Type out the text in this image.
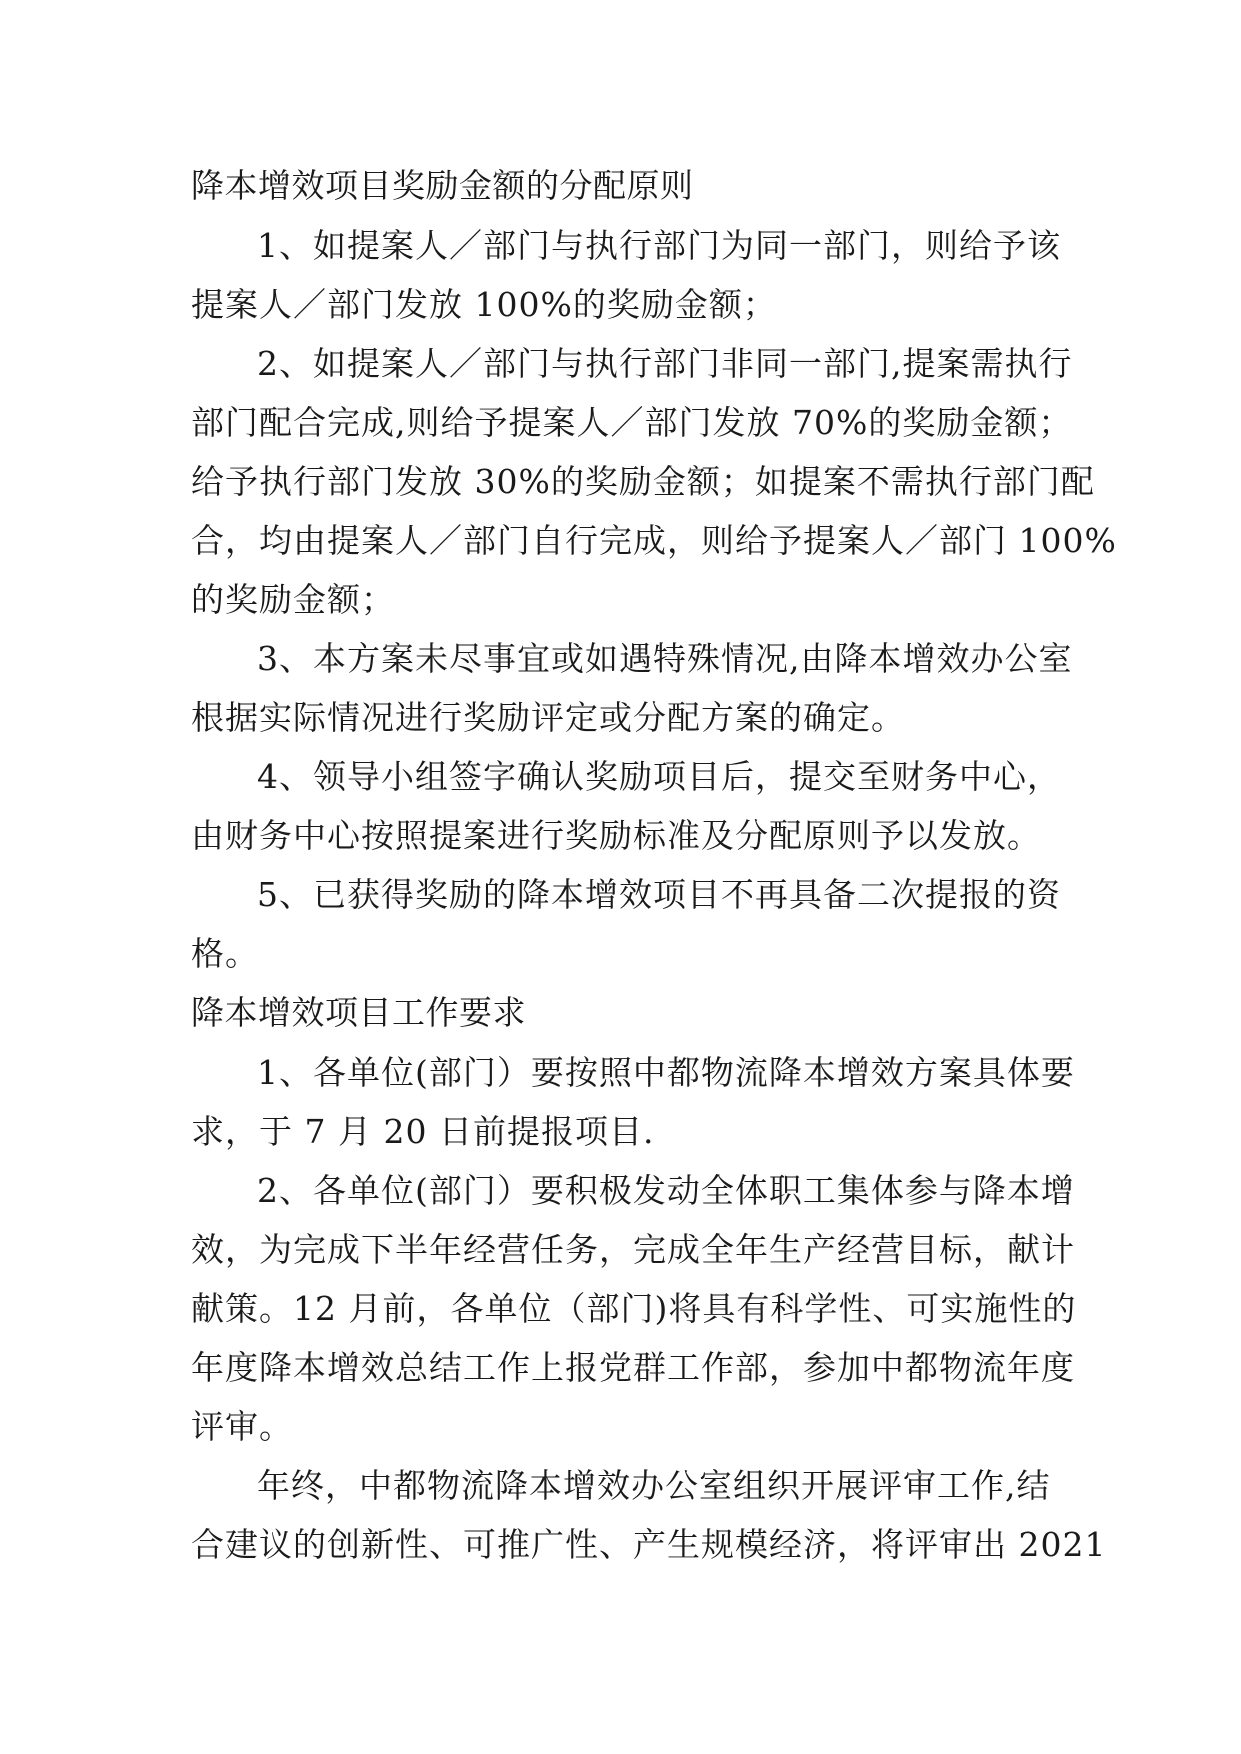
降本增效项目奖励金额的分配原则
1、如提案人／部门与执行部门为同一部门，则给予该
提案人／部门发放 100%的奖励金额；
2、如提案人／部门与执行部门非同一部门,提案需执行
部门配合完成,则给予提案人／部门发放 70%的奖励金额；
给予执行部门发放 30%的奖励金额；如提案不需执行部门配
合，均由提案人／部门自行完成，则给予提案人／部门 100%
的奖励金额；
3、本方案未尽事宜或如遇特殊情况,由降本增效办公室
根据实际情况进行奖励评定或分配方案的确定。
4、领导小组签字确认奖励项目后，提交至财务中心，
由财务中心按照提案进行奖励标准及分配原则予以发放。
5、已获得奖励的降本增效项目不再具备二次提报的资
格。
降本增效项目工作要求
1、各单位(部门）要按照中都物流降本增效方案具体要
求，于 7 月 20 日前提报项目.
2、各单位(部门）要积极发动全体职工集体参与降本增
效，为完成下半年经营任务，完成全年生产经营目标，献计
献策。12 月前，各单位（部门)将具有科学性、可实施性的
年度降本增效总结工作上报党群工作部，参加中都物流年度
评审。
年终，中都物流降本增效办公室组织开展评审工作,结
合建议的创新性、可推广性、产生规模经济，将评审出 2021
